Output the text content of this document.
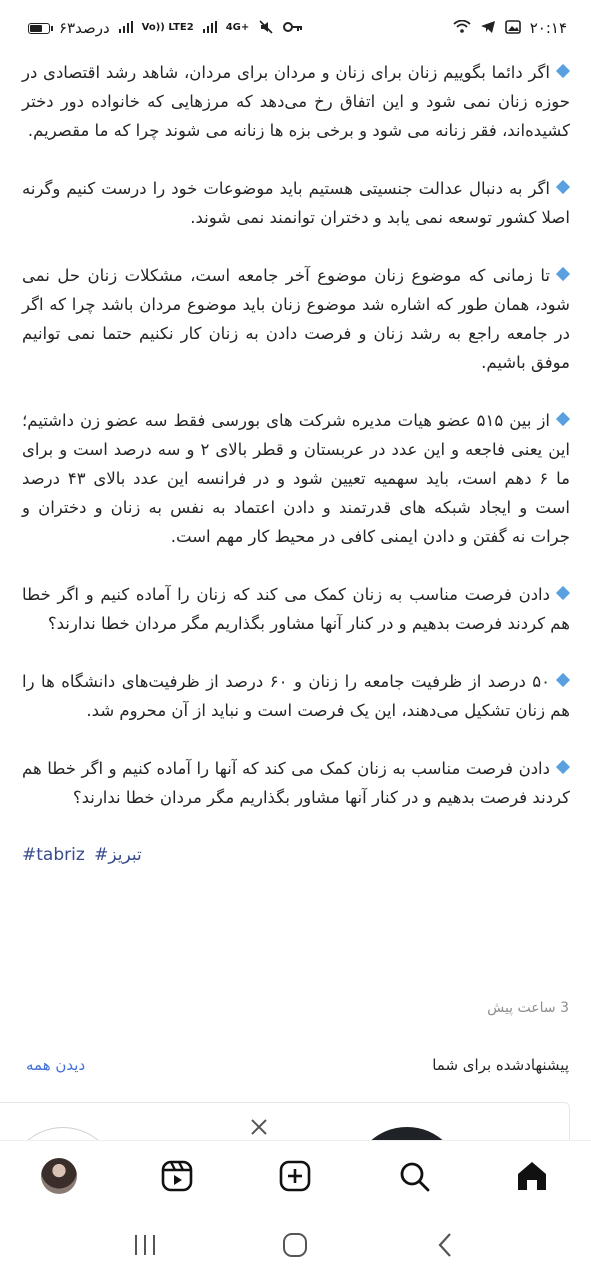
۶۳درصد	Vo)) LTE2	4G+	۲۰:۱۴

اگر دائما بگوییم زنان برای زنان و مردان برای مردان، شاهد رشد اقتصادی در حوزه زنان نمی شود و این اتفاق رخ می‌دهد که مرزهایی که خانواده دور دختر کشیده‌اند، فقر زنانه می شود و برخی بزه ها زنانه می شوند چرا که ما مقصریم.

اگر به دنبال عدالت جنسیتی هستیم باید موضوعات خود را درست کنیم وگرنه اصلا کشور توسعه نمی یابد و دختران توانمند نمی شوند.

تا زمانی که موضوع زنان موضوع آخر جامعه است، مشکلات زنان حل نمی شود، همان طور که اشاره شد موضوع زنان باید موضوع مردان باشد چرا که اگر در جامعه راجع به رشد زنان و فرصت دادن به زنان کار نکنیم حتما نمی توانیم موفق باشیم.

از بین ۵۱۵ عضو هیات مدیره شرکت های بورسی فقط سه عضو زن داشتیم؛ این یعنی فاجعه و این عدد در عربستان و قطر بالای ۲ و سه درصد است و برای ما ۶ دهم است، باید سهمیه تعیین شود و در فرانسه این عدد بالای ۴۳ درصد است و ایجاد شبکه های قدرتمند و دادن اعتماد به نفس به زنان و دختران و جرات نه گفتن و دادن ایمنی کافی در محیط کار مهم است.

دادن فرصت مناسب به زنان کمک می کند که زنان را آماده کنیم و اگر خطا هم کردند فرصت بدهیم و در کنار آنها مشاور بگذاریم مگر مردان خطا ندارند؟

۵۰ درصد از ظرفیت جامعه را زنان و ۶۰ درصد از ظرفیت‌های دانشگاه ها را هم زنان تشکیل می‌دهند، این یک فرصت است و نباید از آن محروم شد.

دادن فرصت مناسب به زنان کمک می کند که آنها را آماده کنیم و اگر خطا هم کردند فرصت بدهیم و در کنار آنها مشاور بگذاریم مگر مردان خطا ندارند؟

#tabriz #تبریز

3 ساعت پیش
پیشنهادشده برای شما
دیدن همه
